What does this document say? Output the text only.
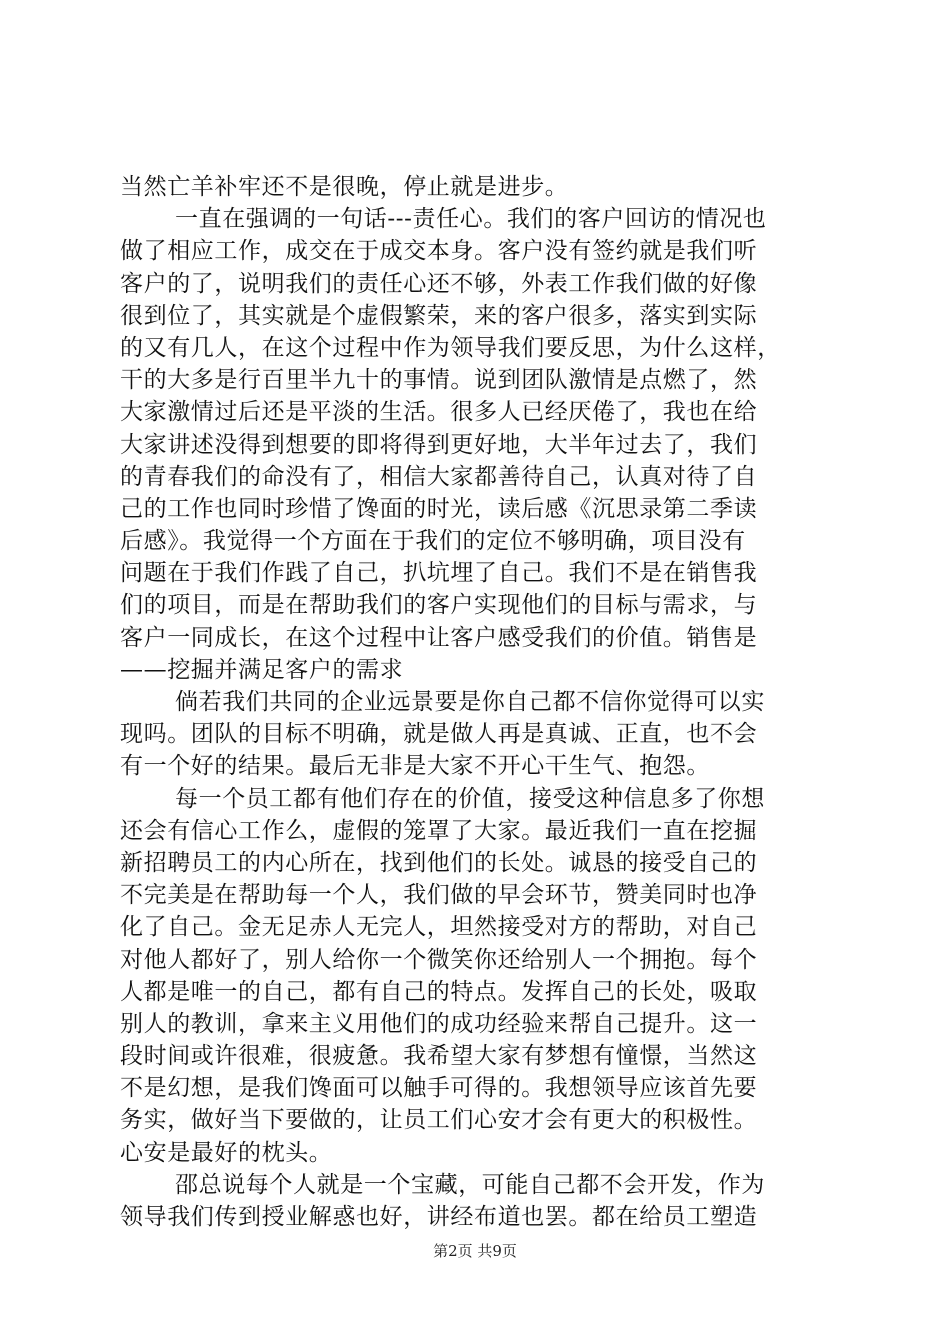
当然亡羊补牢还不是很晚，停止就是进步。
一直在强调的一句话---责任心。我们的客户回访的情况也
做了相应工作，成交在于成交本身。客户没有签约就是我们听
客户的了，说明我们的责任心还不够，外表工作我们做的好像
很到位了，其实就是个虚假繁荣，来的客户很多，落实到实际
的又有几人，在这个过程中作为领导我们要反思，为什么这样，
干的大多是行百里半九十的事情。说到团队激情是点燃了，然
大家激情过后还是平淡的生活。很多人已经厌倦了，我也在给
大家讲述没得到想要的即将得到更好地，大半年过去了，我们
的青春我们的命没有了，相信大家都善待自己，认真对待了自
己的工作也同时珍惜了馋面的时光，读后感《沉思录第二季读
后感》。我觉得一个方面在于我们的定位不够明确，项目没有
问题在于我们作践了自己，扒坑埋了自己。我们不是在销售我
们的项目，而是在帮助我们的客户实现他们的目标与需求，与
客户一同成长，在这个过程中让客户感受我们的价值。销售是
——挖掘并满足客户的需求
倘若我们共同的企业远景要是你自己都不信你觉得可以实
现吗。团队的目标不明确，就是做人再是真诚、正直，也不会
有一个好的结果。最后无非是大家不开心干生气、抱怨。
每一个员工都有他们存在的价值，接受这种信息多了你想
还会有信心工作么，虚假的笼罩了大家。最近我们一直在挖掘
新招聘员工的内心所在，找到他们的长处。诚恳的接受自己的
不完美是在帮助每一个人，我们做的早会环节，赞美同时也净
化了自己。金无足赤人无完人，坦然接受对方的帮助，对自己
对他人都好了，别人给你一个微笑你还给别人一个拥抱。每个
人都是唯一的自己，都有自己的特点。发挥自己的长处，吸取
别人的教训，拿来主义用他们的成功经验来帮自己提升。这一
段时间或许很难，很疲惫。我希望大家有梦想有憧憬，当然这
不是幻想，是我们馋面可以触手可得的。我想领导应该首先要
务实，做好当下要做的，让员工们心安才会有更大的积极性。
心安是最好的枕头。
邵总说每个人就是一个宝藏，可能自己都不会开发，作为
领导我们传到授业解惑也好，讲经布道也罢。都在给员工塑造
第2页 共9页
